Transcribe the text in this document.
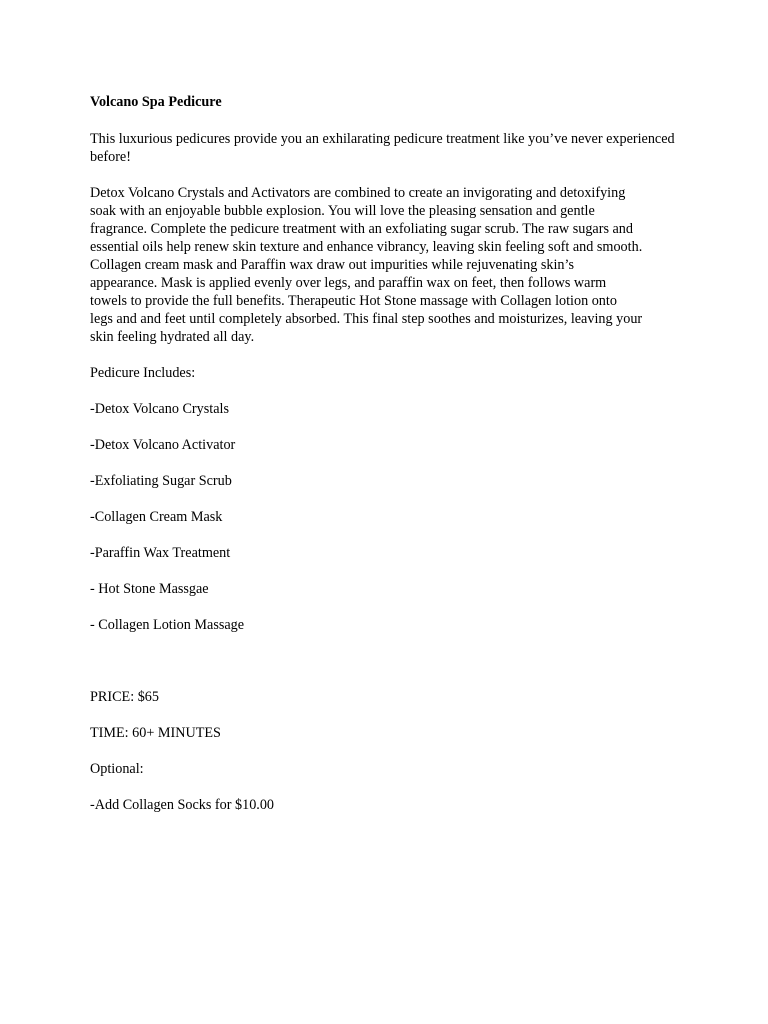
Volcano Spa Pedicure

This luxurious pedicures provide you an exhilarating pedicure treatment like you’ve never experienced before!

Detox Volcano Crystals and Activators are combined to create an invigorating and detoxifying
soak with an enjoyable bubble explosion. You will love the pleasing sensation and gentle
fragrance. Complete the pedicure treatment with an exfoliating sugar scrub. The raw sugars and
essential oils help renew skin texture and enhance vibrancy, leaving skin feeling soft and smooth.
Collagen cream mask and Paraffin wax draw out impurities while rejuvenating skin’s
appearance. Mask is applied evenly over legs, and paraffin wax on feet, then follows warm
towels to provide the full benefits. Therapeutic Hot Stone massage with Collagen lotion onto
legs and and feet until completely absorbed. This final step soothes and moisturizes, leaving your
skin feeling hydrated all day.

Pedicure Includes:

-Detox Volcano Crystals
-Detox Volcano Activator
-Exfoliating Sugar Scrub
-Collagen Cream Mask
-Paraffin Wax Treatment
- Hot Stone Massgae
- Collagen Lotion Massage

PRICE: $65

TIME: 60+ MINUTES

Optional:

-Add Collagen Socks for $10.00
